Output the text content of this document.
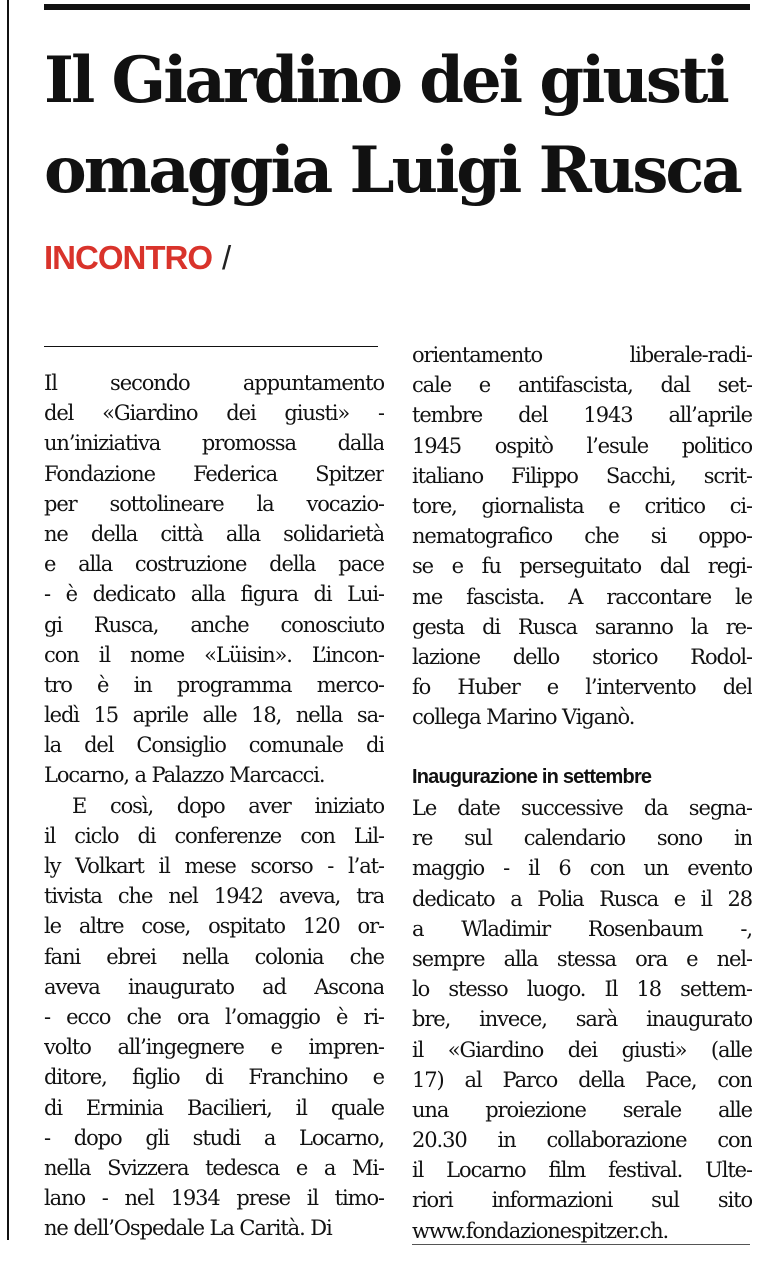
Il Giardino dei giusti
omaggia Luigi Rusca
INCONTRO /
Il secondo appuntamento
del «Giardino dei giusti» -
un’iniziativa promossa dalla
Fondazione Federica Spitzer
per sottolineare la vocazio-
ne della città alla solidarietà
e alla costruzione della pace
- è dedicato alla figura di Lui-
gi Rusca, anche conosciuto
con il nome «Lüisin». L’incon-
tro è in programma merco-
ledì 15 aprile alle 18, nella sa-
la del Consiglio comunale di
Locarno, a Palazzo Marcacci.
E così, dopo aver iniziato
il ciclo di conferenze con Lil-
ly Volkart il mese scorso - l’at-
tivista che nel 1942 aveva, tra
le altre cose, ospitato 120 or-
fani ebrei nella colonia che
aveva inaugurato ad Ascona
- ecco che ora l’omaggio è ri-
volto all’ingegnere e impren-
ditore, figlio di Franchino e
di Erminia Bacilieri, il quale
- dopo gli studi a Locarno,
nella Svizzera tedesca e a Mi-
lano - nel 1934 prese il timo-
ne dell’Ospedale La Carità. Di
orientamento liberale-radi-
cale e antifascista, dal set-
tembre del 1943 all’aprile
1945 ospitò l’esule politico
italiano Filippo Sacchi, scrit-
tore, giornalista e critico ci-
nematografico che si oppo-
se e fu perseguitato dal regi-
me fascista. A raccontare le
gesta di Rusca saranno la re-
lazione dello storico Rodol-
fo Huber e l’intervento del
collega Marino Viganò.
Inaugurazione in settembre
Le date successive da segna-
re sul calendario sono in
maggio - il 6 con un evento
dedicato a Polia Rusca e il 28
a Wladimir Rosenbaum -,
sempre alla stessa ora e nel-
lo stesso luogo. Il 18 settem-
bre, invece, sarà inaugurato
il «Giardino dei giusti» (alle
17) al Parco della Pace, con
una proiezione serale alle
20.30 in collaborazione con
il Locarno film festival. Ulte-
riori informazioni sul sito
www.fondazionespitzer.ch.
